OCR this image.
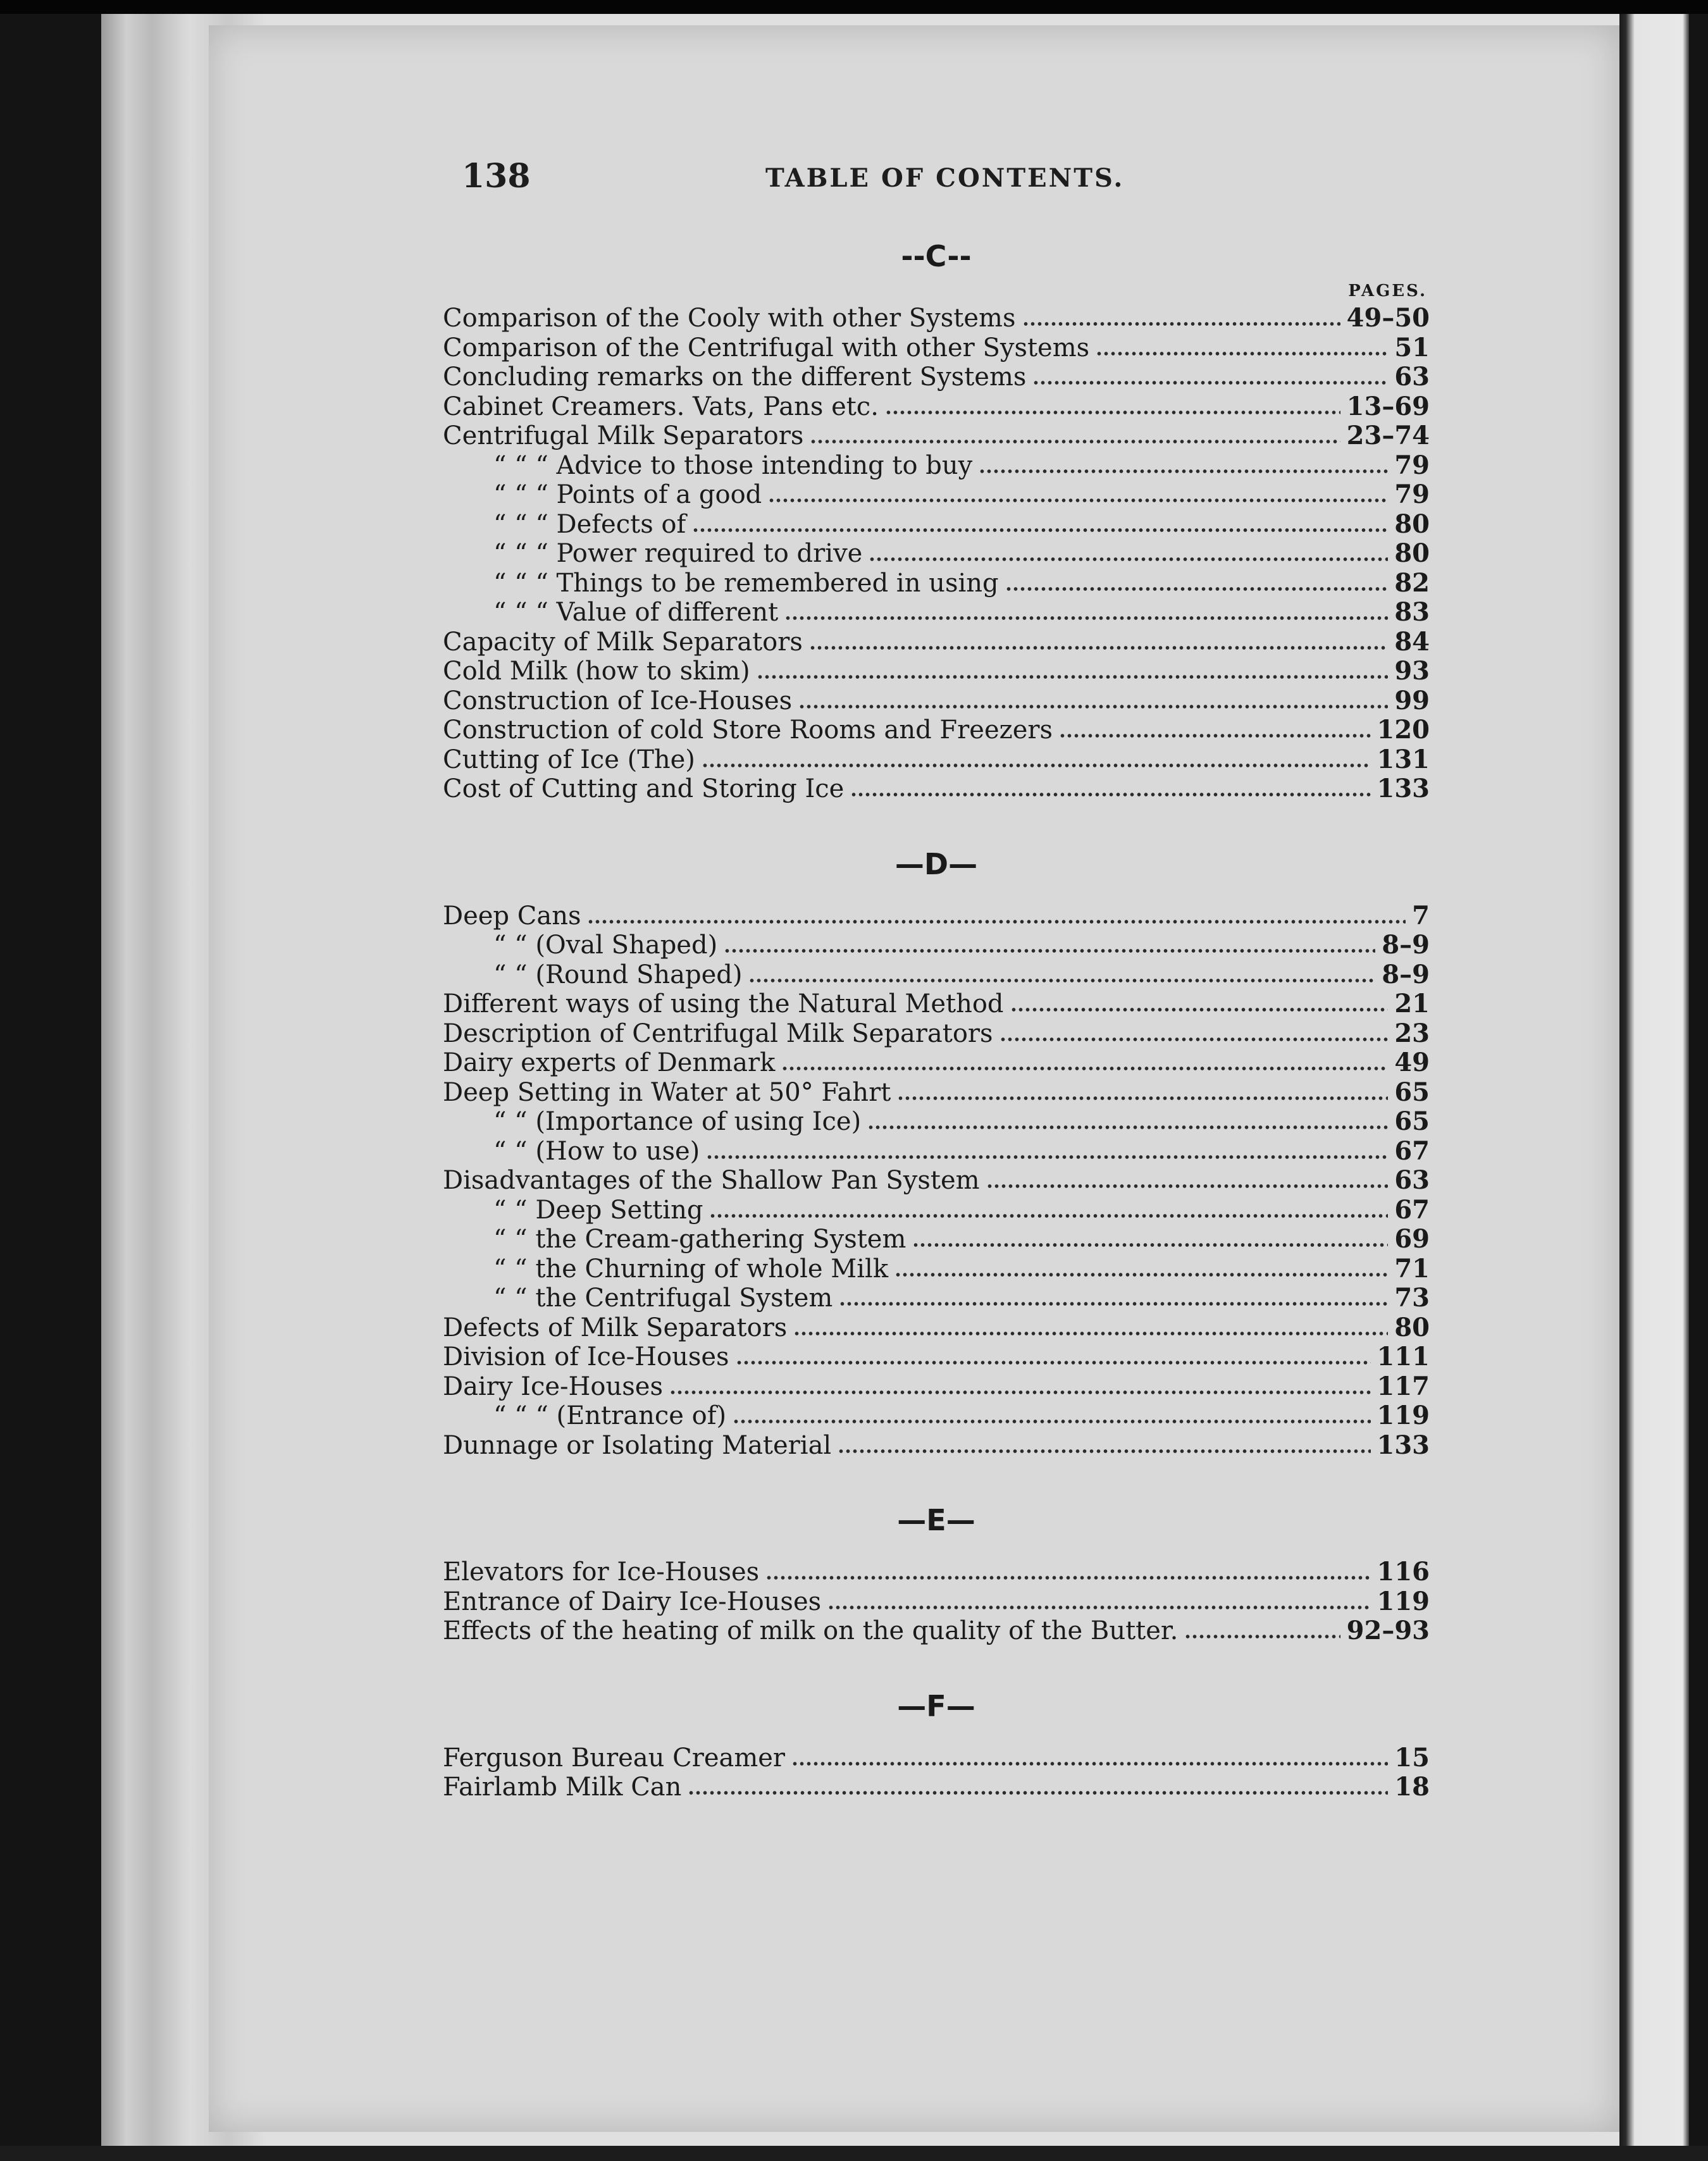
138	TABLE OF CONTENTS.
--C--
PAGES.
Comparison of the Cooly with other Systems	49–50
Comparison of the Centrifugal with other Systems	51
Concluding remarks on the different Systems	63
Cabinet Creamers. Vats, Pans etc.	13–69
Centrifugal Milk Separators	23–74
“ “ “ Advice to those intending to buy	79
“ “ “ Points of a good	79
“ “ “ Defects of	80
“ “ “ Power required to drive	80
“ “ “ Things to be remembered in using	82
“ “ “ Value of different	83
Capacity of Milk Separators	84
Cold Milk (how to skim)	93
Construction of Ice-Houses	99
Construction of cold Store Rooms and Freezers	120
Cutting of Ice (The)	131
Cost of Cutting and Storing Ice	133
—D—
Deep Cans	7
“ “ (Oval Shaped)	8–9
“ “ (Round Shaped)	8–9
Different ways of using the Natural Method	21
Description of Centrifugal Milk Separators	23
Dairy experts of Denmark	49
Deep Setting in Water at 50° Fahrt	65
“ “ (Importance of using Ice)	65
“ “ (How to use)	67
Disadvantages of the Shallow Pan System	63
“ “ Deep Setting	67
“ “ the Cream-gathering System	69
“ “ the Churning of whole Milk	71
“ “ the Centrifugal System	73
Defects of Milk Separators	80
Division of Ice-Houses	111
Dairy Ice-Houses	117
“ “ “ (Entrance of)	119
Dunnage or Isolating Material	133
—E—
Elevators for Ice-Houses	116
Entrance of Dairy Ice-Houses	119
Effects of the heating of milk on the quality of the Butter.	92–93
—F—
Ferguson Bureau Creamer	15
Fairlamb Milk Can	18
